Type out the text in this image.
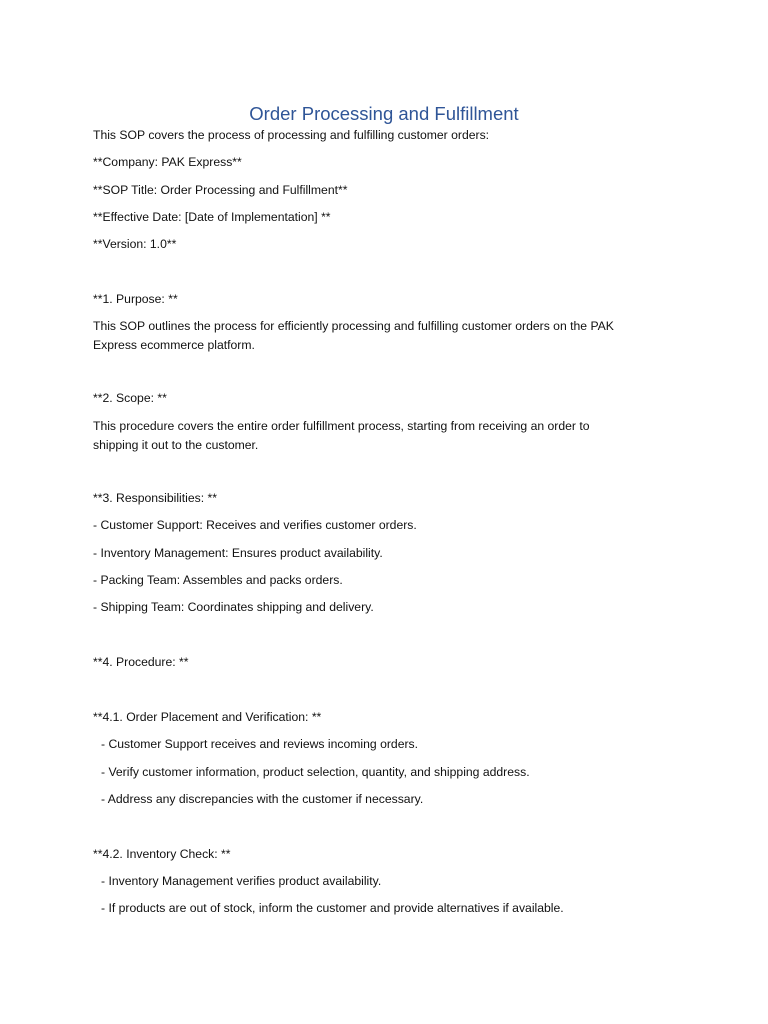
Order Processing and Fulfillment
This SOP covers the process of processing and fulfilling customer orders:
**Company: PAK Express**
**SOP Title: Order Processing and Fulfillment**
**Effective Date: [Date of Implementation] **
**Version: 1.0**
**1. Purpose: **
This SOP outlines the process for efficiently processing and fulfilling customer orders on the PAK
Express ecommerce platform.
**2. Scope: **
This procedure covers the entire order fulfillment process, starting from receiving an order to
shipping it out to the customer.
**3. Responsibilities: **
- Customer Support: Receives and verifies customer orders.
- Inventory Management: Ensures product availability.
- Packing Team: Assembles and packs orders.
- Shipping Team: Coordinates shipping and delivery.
**4. Procedure: **
**4.1. Order Placement and Verification: **
- Customer Support receives and reviews incoming orders.
- Verify customer information, product selection, quantity, and shipping address.
- Address any discrepancies with the customer if necessary.
**4.2. Inventory Check: **
- Inventory Management verifies product availability.
- If products are out of stock, inform the customer and provide alternatives if available.
